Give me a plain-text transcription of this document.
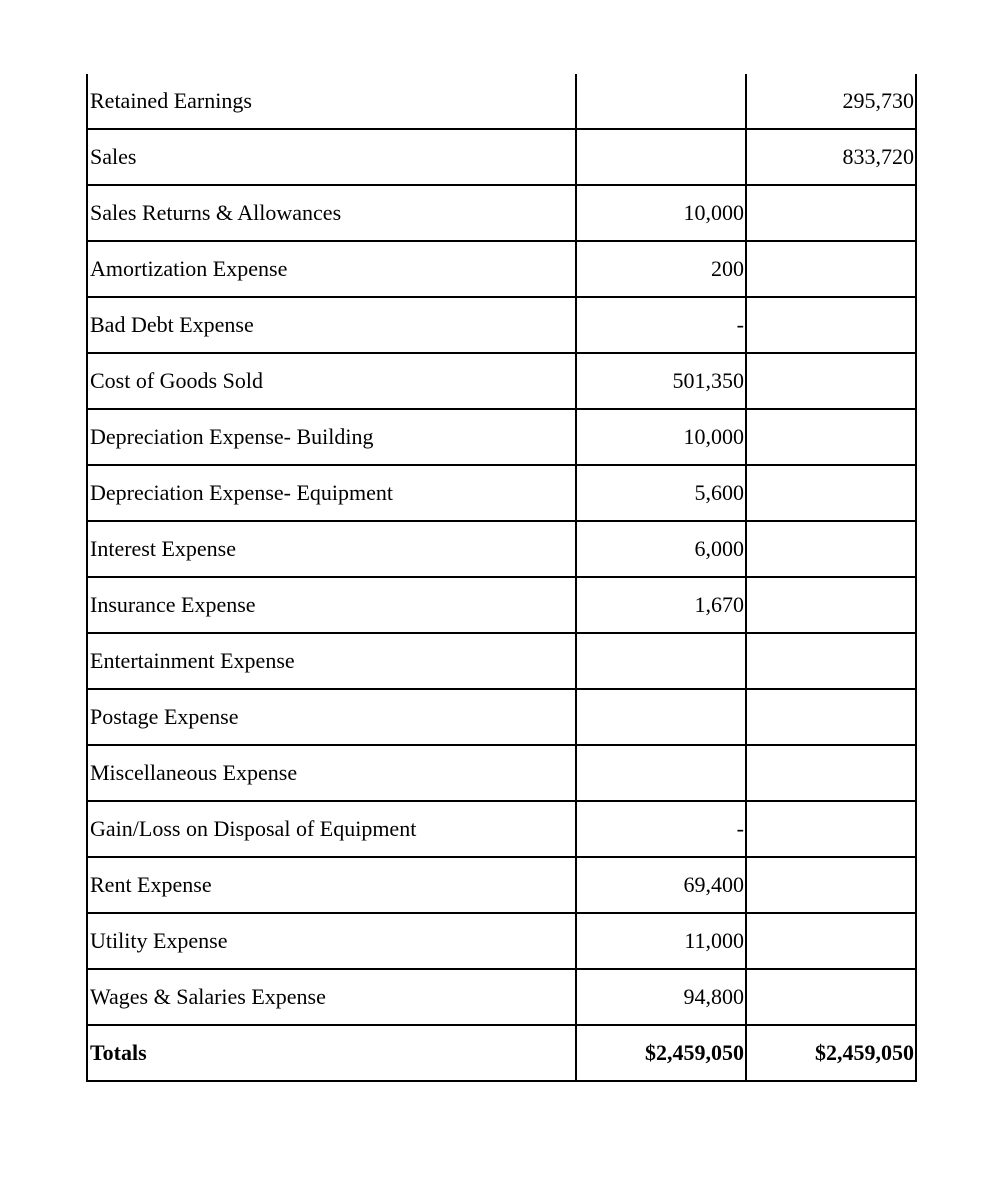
Retained Earnings		295,730
Sales		833,720
Sales Returns & Allowances	10,000	
Amortization Expense	200	
Bad Debt Expense	-	
Cost of Goods Sold	501,350	
Depreciation Expense- Building	10,000	
Depreciation Expense- Equipment	5,600	
Interest Expense	6,000	
Insurance Expense	1,670	
Entertainment Expense		
Postage Expense		
Miscellaneous Expense		
Gain/Loss on Disposal of Equipment	-	
Rent Expense	69,400	
Utility Expense	11,000	
Wages & Salaries Expense	94,800	
Totals	$2,459,050	$2,459,050
